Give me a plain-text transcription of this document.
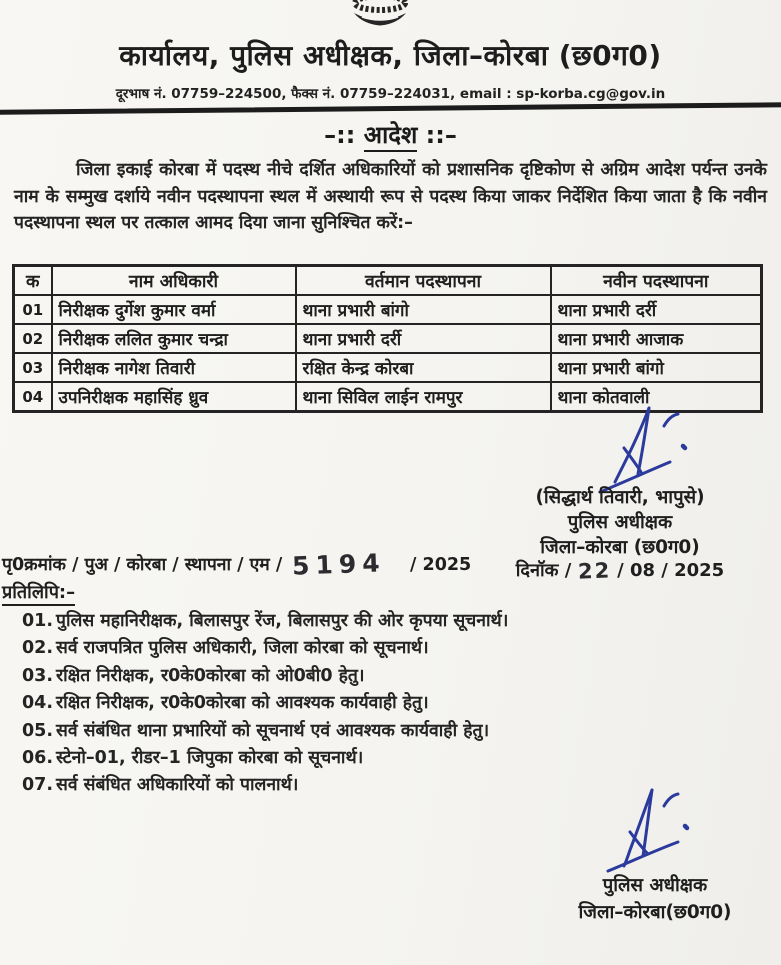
कार्यालय, पुलिस अधीक्षक, जिला–कोरबा (छ0ग0)
दूरभाष नं. 07759–224500, फैक्स नं. 07759–224031, email : sp-korba.cg@gov.in
–:: आदेश ::–
जिला इकाई कोरबा में पदस्थ नीचे दर्शित अधिकारियों को प्रशासनिक दृष्टिकोण से अग्रिम आदेश पर्यन्त उनके नाम के सम्मुख दर्शाये नवीन पदस्थापना स्थल में अस्थायी रूप से पदस्थ किया जाकर निर्देशित किया जाता है कि नवीन पदस्थापना स्थल पर तत्काल आमद दिया जाना सुनिश्चित करें:–
क	नाम अधिकारी	वर्तमान पदस्थापना	नवीन पदस्थापना
01	निरीक्षक दुर्गेश कुमार वर्मा	थाना प्रभारी बांगो	थाना प्रभारी दर्री
02	निरीक्षक ललित कुमार चन्द्रा	थाना प्रभारी दर्री	थाना प्रभारी आजाक
03	निरीक्षक नागेश तिवारी	रक्षित केन्द्र कोरबा	थाना प्रभारी बांगो
04	उपनिरीक्षक महासिंह ध्रुव	थाना सिविल लाईन रामपुर	थाना कोतवाली
(सिद्धार्थ तिवारी, भापुसे)
पुलिस अधीक्षक
जिला–कोरबा (छ0ग0)
दिनॉक / 22 / 08 / 2025
पृ0क्रमांक / पुअ / कोरबा / स्थापना / एम / 5194 / 2025
प्रतिलिपि:–
01. पुलिस महानिरीक्षक, बिलासपुर रेंज, बिलासपुर की ओर कृपया सूचनार्थ।
02. सर्व राजपत्रित पुलिस अधिकारी, जिला कोरबा को सूचनार्थ।
03. रक्षित निरीक्षक, र0के0कोरबा को ओ0बी0 हेतु।
04. रक्षित निरीक्षक, र0के0कोरबा को आवश्यक कार्यवाही हेतु।
05. सर्व संबंधित थाना प्रभारियों को सूचनार्थ एवं आवश्यक कार्यवाही हेतु।
06. स्टेनो–01, रीडर–1 जिपुका कोरबा को सूचनार्थ।
07. सर्व संबंधित अधिकारियों को पालनार्थ।
पुलिस अधीक्षक
जिला–कोरबा(छ0ग0)
